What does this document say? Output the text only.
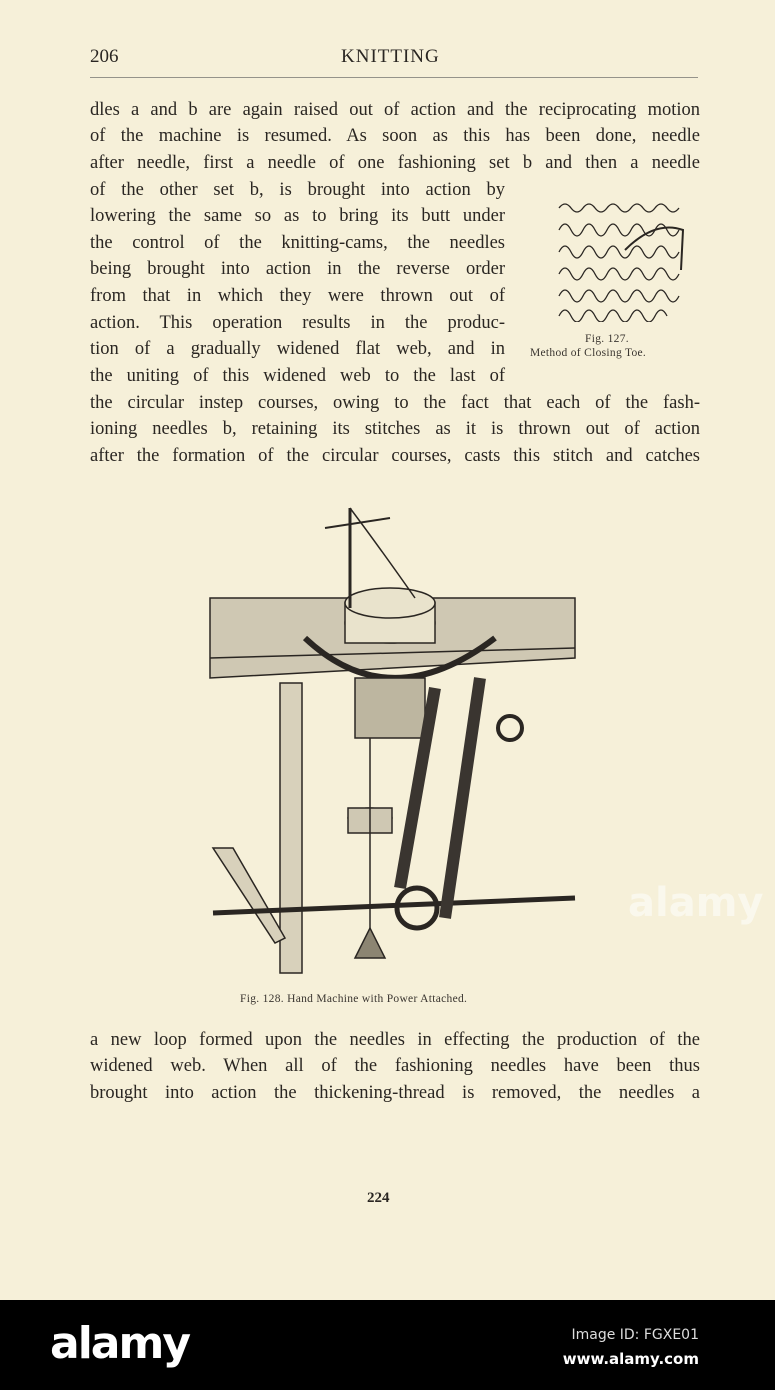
206	KNITTING
dles a and b are again raised out of action and the reciprocating motion
of the machine is resumed. As soon as this has been done, needle
after needle, first a needle of one fashioning set b and then a needle
of the other set b, is brought into action by
lowering the same so as to bring its butt under
the control of the knitting-cams, the needles
being brought into action in the reverse order
from that in which they were thrown out of
action. This operation results in the produc-
tion of a gradually widened flat web, and in
the uniting of this widened web to the last of
the circular instep courses, owing to the fact that each of the fash-
ioning needles b, retaining its stitches as it is thrown out of action
after the formation of the circular courses, casts this stitch and catches
Fig. 127.
Method of Closing Toe.
Fig. 128. Hand Machine with Power Attached.
a new loop formed upon the needles in effecting the production of the
widened web. When all of the fashioning needles have been thus
brought into action the thickening-thread is removed, the needles a
224
alamy
alamy	Image ID: FGXE01
www.alamy.com
